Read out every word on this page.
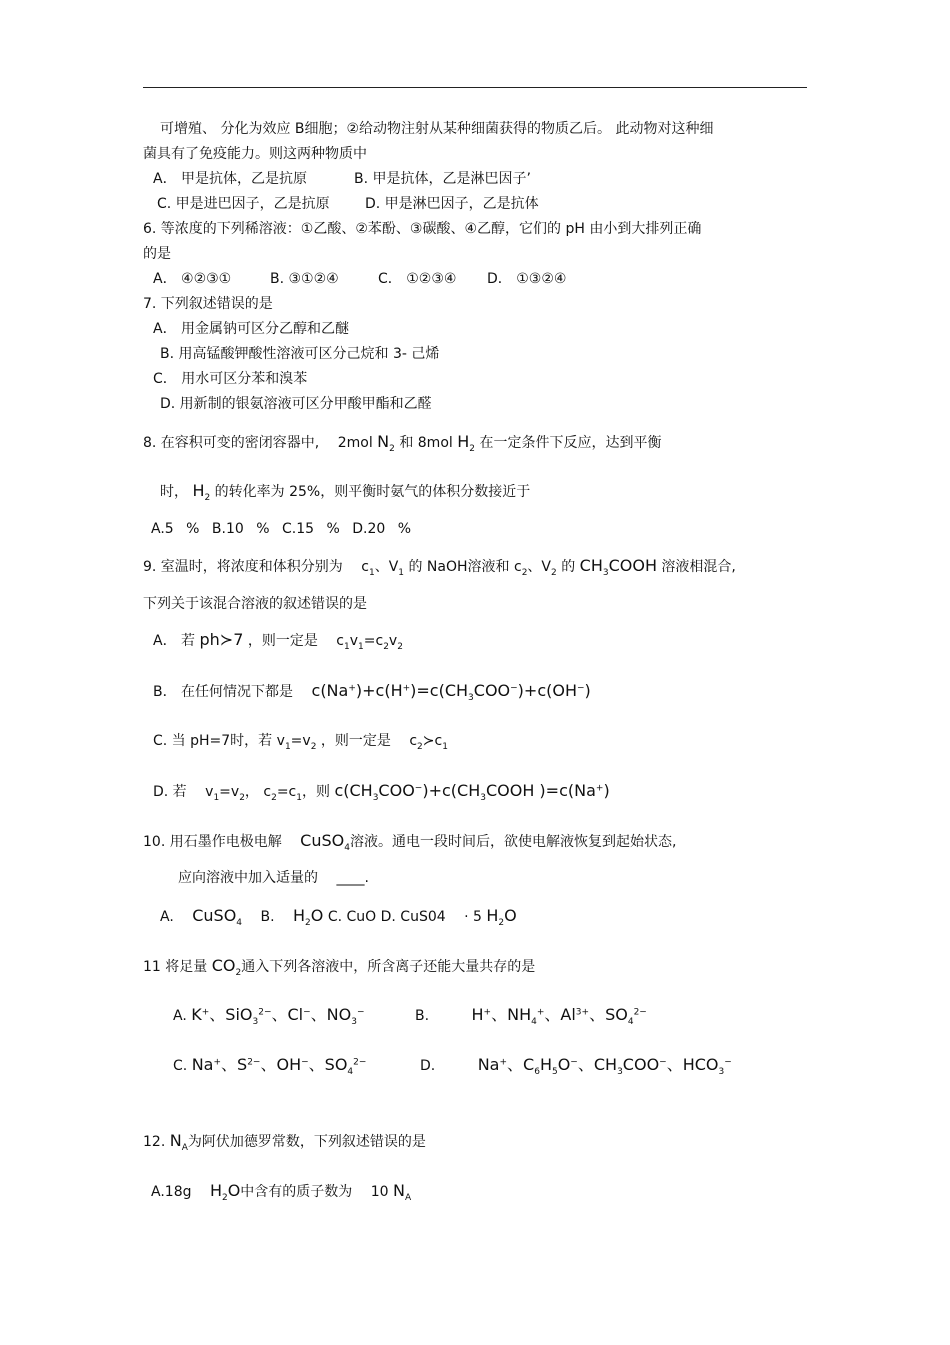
可增殖、 分化为效应 B细胞；②给动物注射从某种细菌获得的物质乙后。 此动物对这种细
菌具有了免疫能力。则这两种物质中
A． 甲是抗体，乙是抗原	B. 甲是抗体，乙是淋巴因子’
C. 甲是进巴因子，乙是抗原	D. 甲是淋巴因子，乙是抗体
6. 等浓度的下列稀溶液：①乙酸、②苯酚、③碳酸、④乙醇，它们的 pH 由小到大排列正确
的是
A． ④②③①	B. ③①②④	C． ①②③④ D． ①③②④
7. 下列叙述错误的是
A． 用金属钠可区分乙醇和乙醚
B. 用高锰酸钾酸性溶液可区分己烷和 3- 己烯
C． 用水可区分苯和溴苯
D. 用新制的银氨溶液可区分甲酸甲酯和乙醛
8. 在容积可变的密闭容器中, 2mol $N_2$ 和 8mol $H_2$ 在一定条件下反应，达到平衡
时， $H_2$ 的转化率为 25%，则平衡时氨气的体积分数接近于
A.5 % B.10 % C.15 % D.20 %
9. 室温时，将浓度和体积分别为 $c_1$、$V_1$ 的 NaOH溶液和 $c_2$、$V_2$ 的 $CH_3COOH$ 溶液相混合,
下列关于该混合溶液的叙述错误的是
A． 若 ph≻7 ，则一定是 $c_1v_1=c_2v_2$
B． 在任何情况下都是 $c(Na^+)+c(H^+)=c(CH_3COO^-)+c(OH^-)$
C. 当 pH=7时，若 $v_1=v_2$ ，则一定是 $c_2≻c_1$
D. 若 $v_1=v_2$， $c_2=c_1$，则 $c(CH_3COO^-)+c(CH_3COOH$ )=c(Na+)
10. 用石墨作电极电解 CuSO$_4$溶液。通电一段时间后，欲使电解液恢复到起始状态,
应向溶液中加入适量的 ____.
A. CuSO$_4$ B. $H_2O$ C. CuO D. CuS04 · 5 $H_2O$
11 将足量 $CO_2$通入下列各溶液中，所含离子还能大量共存的是
A. K+、SiO$_3^{2-}$、Cl−、$NO_3^-$	B.	H+、$NH_4^+$、$Al^{3+}$、$SO_4^{2-}$
C. Na+、$S^{2-}$、OH−、$SO_4^{2-}$	D.	Na+、$C_6H_5O^-$、$CH_3COO^-$、$HCO_3^-$
12. $N_A$为阿伏加德罗常数，下列叙述错误的是
A.18g $H_2O$中含有的质子数为 10 $N_A$
